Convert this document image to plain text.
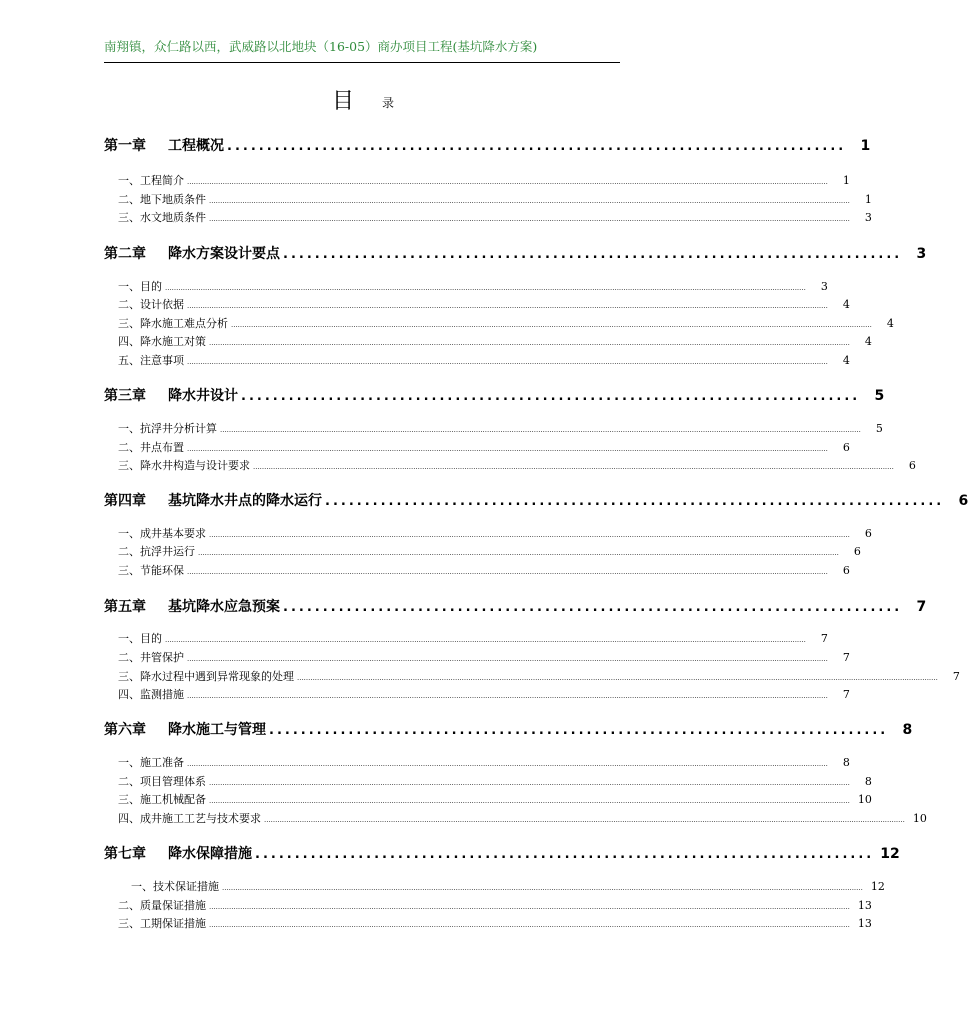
南翔镇，众仁路以西，武威路以北地块（16-05）商办项目工程(基坑降水方案)
目 录
第一章	工程概况 ..............................................................................	1
一、工程简介 ................................................................................................................................................................................................................................................................................................	1
二、地下地质条件 ................................................................................................................................................................................................................................................................................................	1
三、水文地质条件 ................................................................................................................................................................................................................................................................................................	3
第二章	降水方案设计要点 ..............................................................................	3
一、目的 ................................................................................................................................................................................................................................................................................................	3
二、设计依据 ................................................................................................................................................................................................................................................................................................	4
三、降水施工难点分析 ................................................................................................................................................................................................................................................................................................	4
四、降水施工对策 ................................................................................................................................................................................................................................................................................................	4
五、注意事项 ................................................................................................................................................................................................................................................................................................	4
第三章	降水井设计 ..............................................................................	5
一、抗浮井分析计算 ................................................................................................................................................................................................................................................................................................	5
二、井点布置 ................................................................................................................................................................................................................................................................................................	6
三、降水井构造与设计要求 ................................................................................................................................................................................................................................................................................................	6
第四章	基坑降水井点的降水运行 ..............................................................................	6
一、成井基本要求 ................................................................................................................................................................................................................................................................................................	6
二、抗浮井运行 ................................................................................................................................................................................................................................................................................................	6
三、节能环保 ................................................................................................................................................................................................................................................................................................	6
第五章	基坑降水应急预案 ..............................................................................	7
一、目的 ................................................................................................................................................................................................................................................................................................	7
二、井管保护 ................................................................................................................................................................................................................................................................................................	7
三、降水过程中遇到异常现象的处理 ................................................................................................................................................................................................................................................................................................	7
四、监测措施 ................................................................................................................................................................................................................................................................................................	7
第六章	降水施工与管理 ..............................................................................	8
一、施工准备 ................................................................................................................................................................................................................................................................................................	8
二、项目管理体系 ................................................................................................................................................................................................................................................................................................	8
三、施工机械配备 ................................................................................................................................................................................................................................................................................................ 10
四、成井施工工艺与技术要求 ................................................................................................................................................................................................................................................................................................ 10
第七章	降水保障措施 .............................................................................. 12
一、技术保证措施 ................................................................................................................................................................................................................................................................................................ 12
二、质量保证措施 ................................................................................................................................................................................................................................................................................................ 13
三、工期保证措施 ................................................................................................................................................................................................................................................................................................ 13
